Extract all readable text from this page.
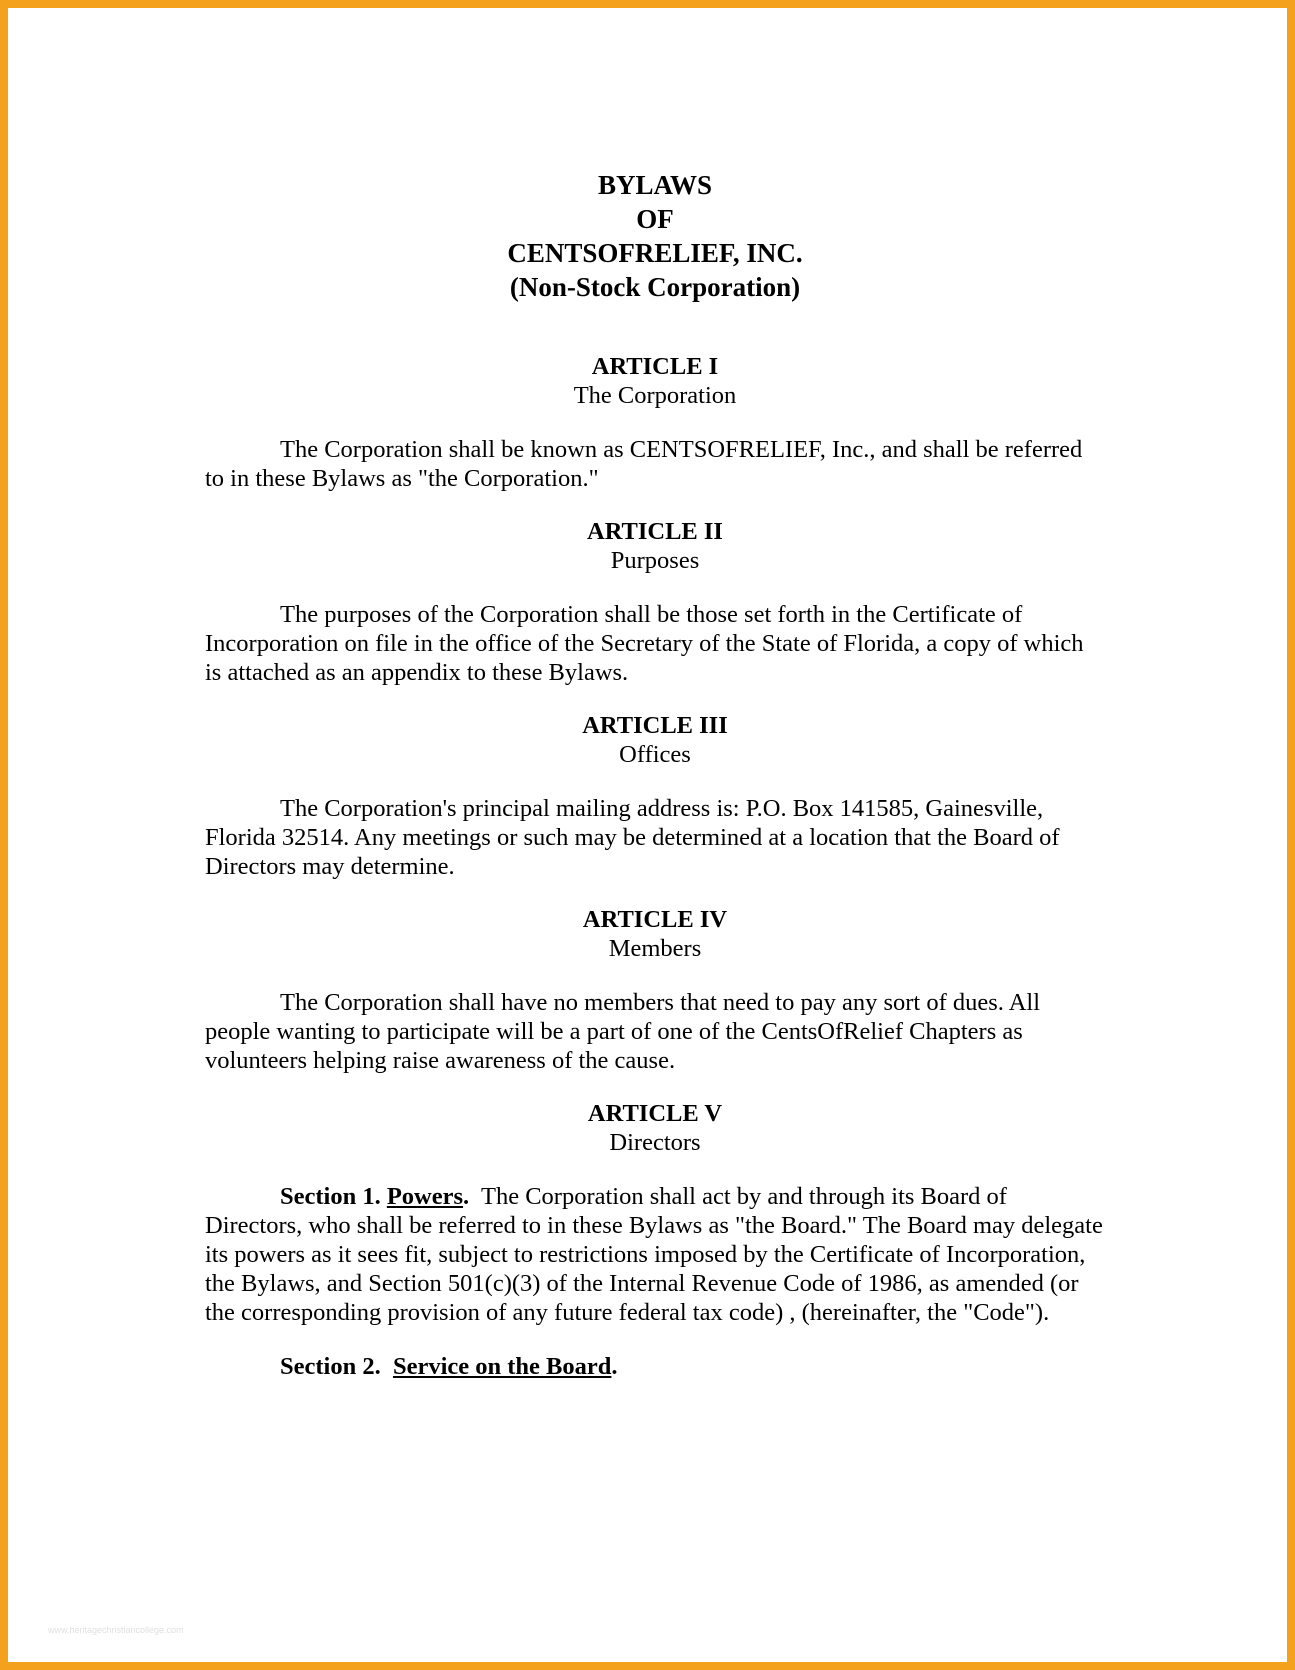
BYLAWS
OF
CENTSOFRELIEF, INC.
(Non-Stock Corporation)
ARTICLE I
The Corporation

The Corporation shall be known as CENTSOFRELIEF, Inc., and shall be referred to in these Bylaws as "the Corporation."

ARTICLE II
Purposes

The purposes of the Corporation shall be those set forth in the Certificate of Incorporation on file in the office of the Secretary of the State of Florida, a copy of which is attached as an appendix to these Bylaws.

ARTICLE III
Offices

The Corporation's principal mailing address is: P.O. Box 141585, Gainesville, Florida 32514. Any meetings or such may be determined at a location that the Board of Directors may determine.

ARTICLE IV
Members

The Corporation shall have no members that need to pay any sort of dues. All people wanting to participate will be a part of one of the CentsOfRelief Chapters as volunteers helping raise awareness of the cause.

ARTICLE V
Directors

Section 1. Powers. The Corporation shall act by and through its Board of Directors, who shall be referred to in these Bylaws as "the Board." The Board may delegate its powers as it sees fit, subject to restrictions imposed by the Certificate of Incorporation, the Bylaws, and Section 501(c)(3) of the Internal Revenue Code of 1986, as amended (or the corresponding provision of any future federal tax code) , (hereinafter, the "Code").

Section 2. Service on the Board.

www.heritagechristiancollege.com
